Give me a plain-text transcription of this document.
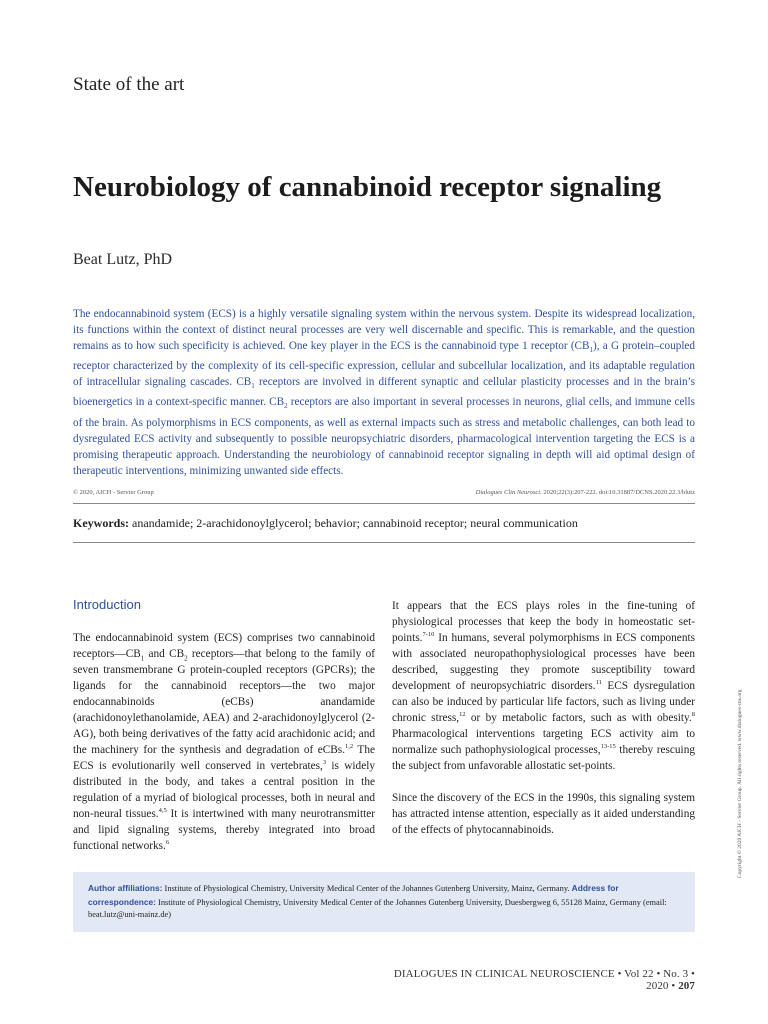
State of the art
Neurobiology of cannabinoid receptor signaling
Beat Lutz, PhD
The endocannabinoid system (ECS) is a highly versatile signaling system within the nervous system. Despite its widespread localization, its functions within the context of distinct neural processes are very well discernable and specific. This is remarkable, and the question remains as to how such specificity is achieved. One key player in the ECS is the cannabinoid type 1 receptor $(CB_1)$, a G protein–coupled receptor characterized by the complexity of its cell-specific expression, cellular and subcellular localization, and its adaptable regulation of intracellular signaling cascades. $CB_1$ receptors are involved in different synaptic and cellular plasticity processes and in the brain’s bioenergetics in a context-specific manner. $CB_2$ receptors are also important in several processes in neurons, glial cells, and immune cells of the brain. As polymorphisms in ECS components, as well as external impacts such as stress and metabolic challenges, can both lead to dysregulated ECS activity and subsequently to possible neuropsychiatric disorders, pharmacological intervention targeting the ECS is a promising therapeutic approach. Understanding the neurobiology of cannabinoid receptor signaling in depth will aid optimal design of therapeutic interventions, minimizing unwanted side effects.
© 2020, AICH - Servier Group	Dialogues Clin Neurosci. 2020;22(3):207-222. doi:10.31887/DCNS.2020.22.3/blutz
Keywords: anandamide; 2-arachidonoylglycerol; behavior; cannabinoid receptor; neural communication
Introduction

The endocannabinoid system (ECS) comprises two cannabinoid $receptors—CB_1$ and $CB_2$ receptors—that belong to the family of seven transmembrane G protein-coupled receptors (GPCRs); the ligands for the cannabinoid receptors—the two major endocannabinoids (eCBs) anandamide (arachidonoylethanolamide, AEA) and 2-arachidonoylglycerol (2-AG), both being derivatives of the fatty acid arachidonic acid; and the machinery for the synthesis and degradation of eCBs.$^{1,2}$ The ECS is evolutionarily well conserved in vertebrates,$^3$ is widely distributed in the body, and takes a central position in the regulation of a myriad of biological processes, both in neural and non-neural tissues.$^{4,5}$ It is intertwined with many neurotransmitter and lipid signaling systems, thereby integrated into broad functional networks.$^6$

It appears that the ECS plays roles in the fine-tuning of physiological processes that keep the body in homeostatic set-points.$^{7-10}$ In humans, several polymorphisms in ECS components with associated neuropathophysiological processes have been described, suggesting they promote susceptibility toward development of neuropsychiatric disorders.$^{11}$ ECS dysregulation can also be induced by particular life factors, such as living under chronic stress,$^{12}$ or by metabolic factors, such as with obesity.$^8$ Pharmacological interventions targeting ECS activity aim to normalize such pathophysiological processes,$^{13-15}$ thereby rescuing the subject from unfavorable allostatic set-points.

Since the discovery of the ECS in the 1990s, this signaling system has attracted intense attention, especially as it aided understanding of the effects of phytocannabinoids.

Author affiliations: Institute of Physiological Chemistry, University Medical Center of the Johannes Gutenberg University, Mainz, Germany. Address for correspondence: Institute of Physiological Chemistry, University Medical Center of the Johannes Gutenberg University, Duesbergweg 6, 55128 Mainz, Germany (email: beat.lutz@uni-mainz.de)
DIALOGUES IN CLINICAL NEUROSCIENCE • Vol 22 • No. 3 • 2020 • 207
Copyright © 2020 AICH - Servier Group. All rights reserved. www.dialogues-cns.org
